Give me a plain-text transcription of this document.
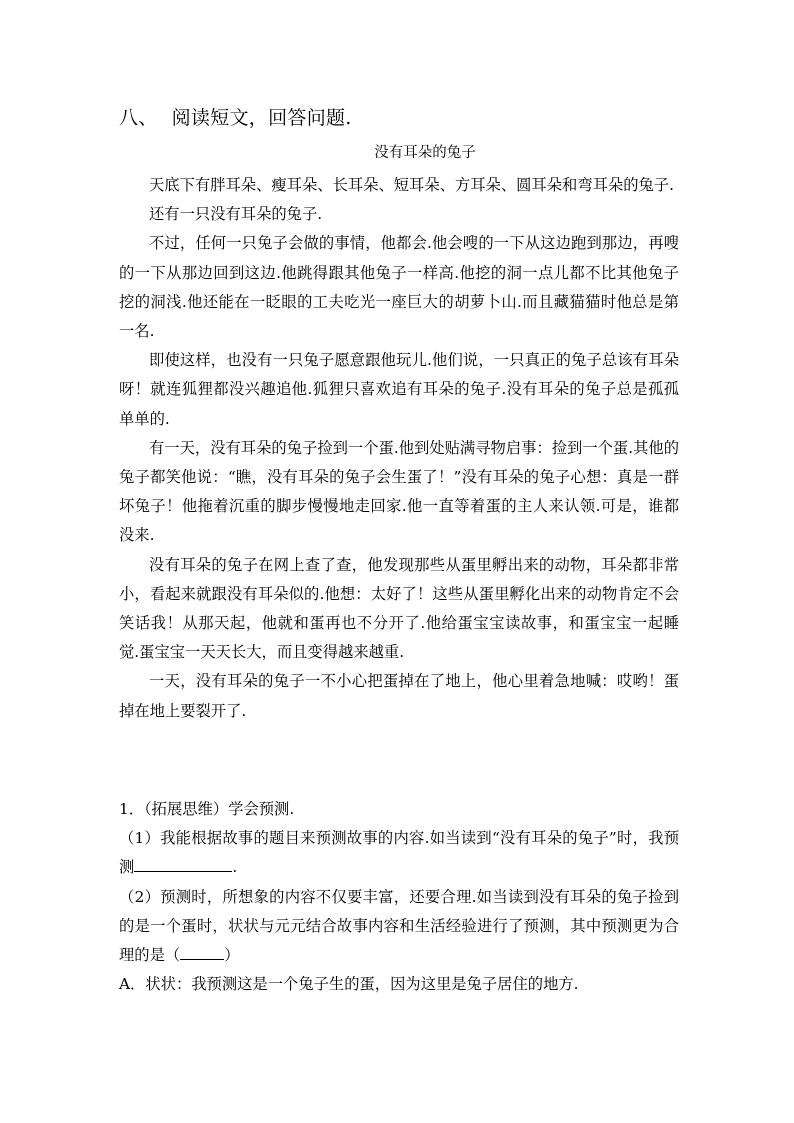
八、 阅读短文，回答问题.
没有耳朵的兔子

天底下有胖耳朵、瘦耳朵、长耳朵、短耳朵、方耳朵、圆耳朵和弯耳朵的兔子.

还有一只没有耳朵的兔子.

不过，任何一只兔子会做的事情，他都会.他会嗖的一下从这边跑到那边，再嗖的一下从那边回到这边.他跳得跟其他兔子一样高.他挖的洞一点儿都不比其他兔子挖的洞浅.他还能在一眨眼的工夫吃光一座巨大的胡萝卜山.而且藏猫猫时他总是第一名.

即使这样，也没有一只兔子愿意跟他玩儿.他们说，一只真正的兔子总该有耳朵呀！就连狐狸都没兴趣追他.狐狸只喜欢追有耳朵的兔子.没有耳朵的兔子总是孤孤单单的.

有一天，没有耳朵的兔子捡到一个蛋.他到处贴满寻物启事：捡到一个蛋.其他的兔子都笑他说：“瞧，没有耳朵的兔子会生蛋了！”没有耳朵的兔子心想：真是一群坏兔子！他拖着沉重的脚步慢慢地走回家.他一直等着蛋的主人来认领.可是，谁都没来.

没有耳朵的兔子在网上查了查，他发现那些从蛋里孵出来的动物，耳朵都非常小，看起来就跟没有耳朵似的.他想：太好了！这些从蛋里孵化出来的动物肯定不会笑话我！从那天起，他就和蛋再也不分开了.他给蛋宝宝读故事，和蛋宝宝一起睡觉.蛋宝宝一天天长大，而且变得越来越重.

一天，没有耳朵的兔子一不小心把蛋掉在了地上，他心里着急地喊：哎哟！蛋掉在地上要裂开了.

1．（拓展思维）学会预测.

（1）我能根据故事的题目来预测故事的内容.如当读到“没有耳朵的兔子”时，我预测	.

（2）预测时，所想象的内容不仅要丰富，还要合理.如当读到没有耳朵的兔子捡到的是一个蛋时，状状与元元结合故事内容和生活经验进行了预测，其中预测更为合理的是（	）

A．状状：我预测这是一个兔子生的蛋，因为这里是兔子居住的地方.
